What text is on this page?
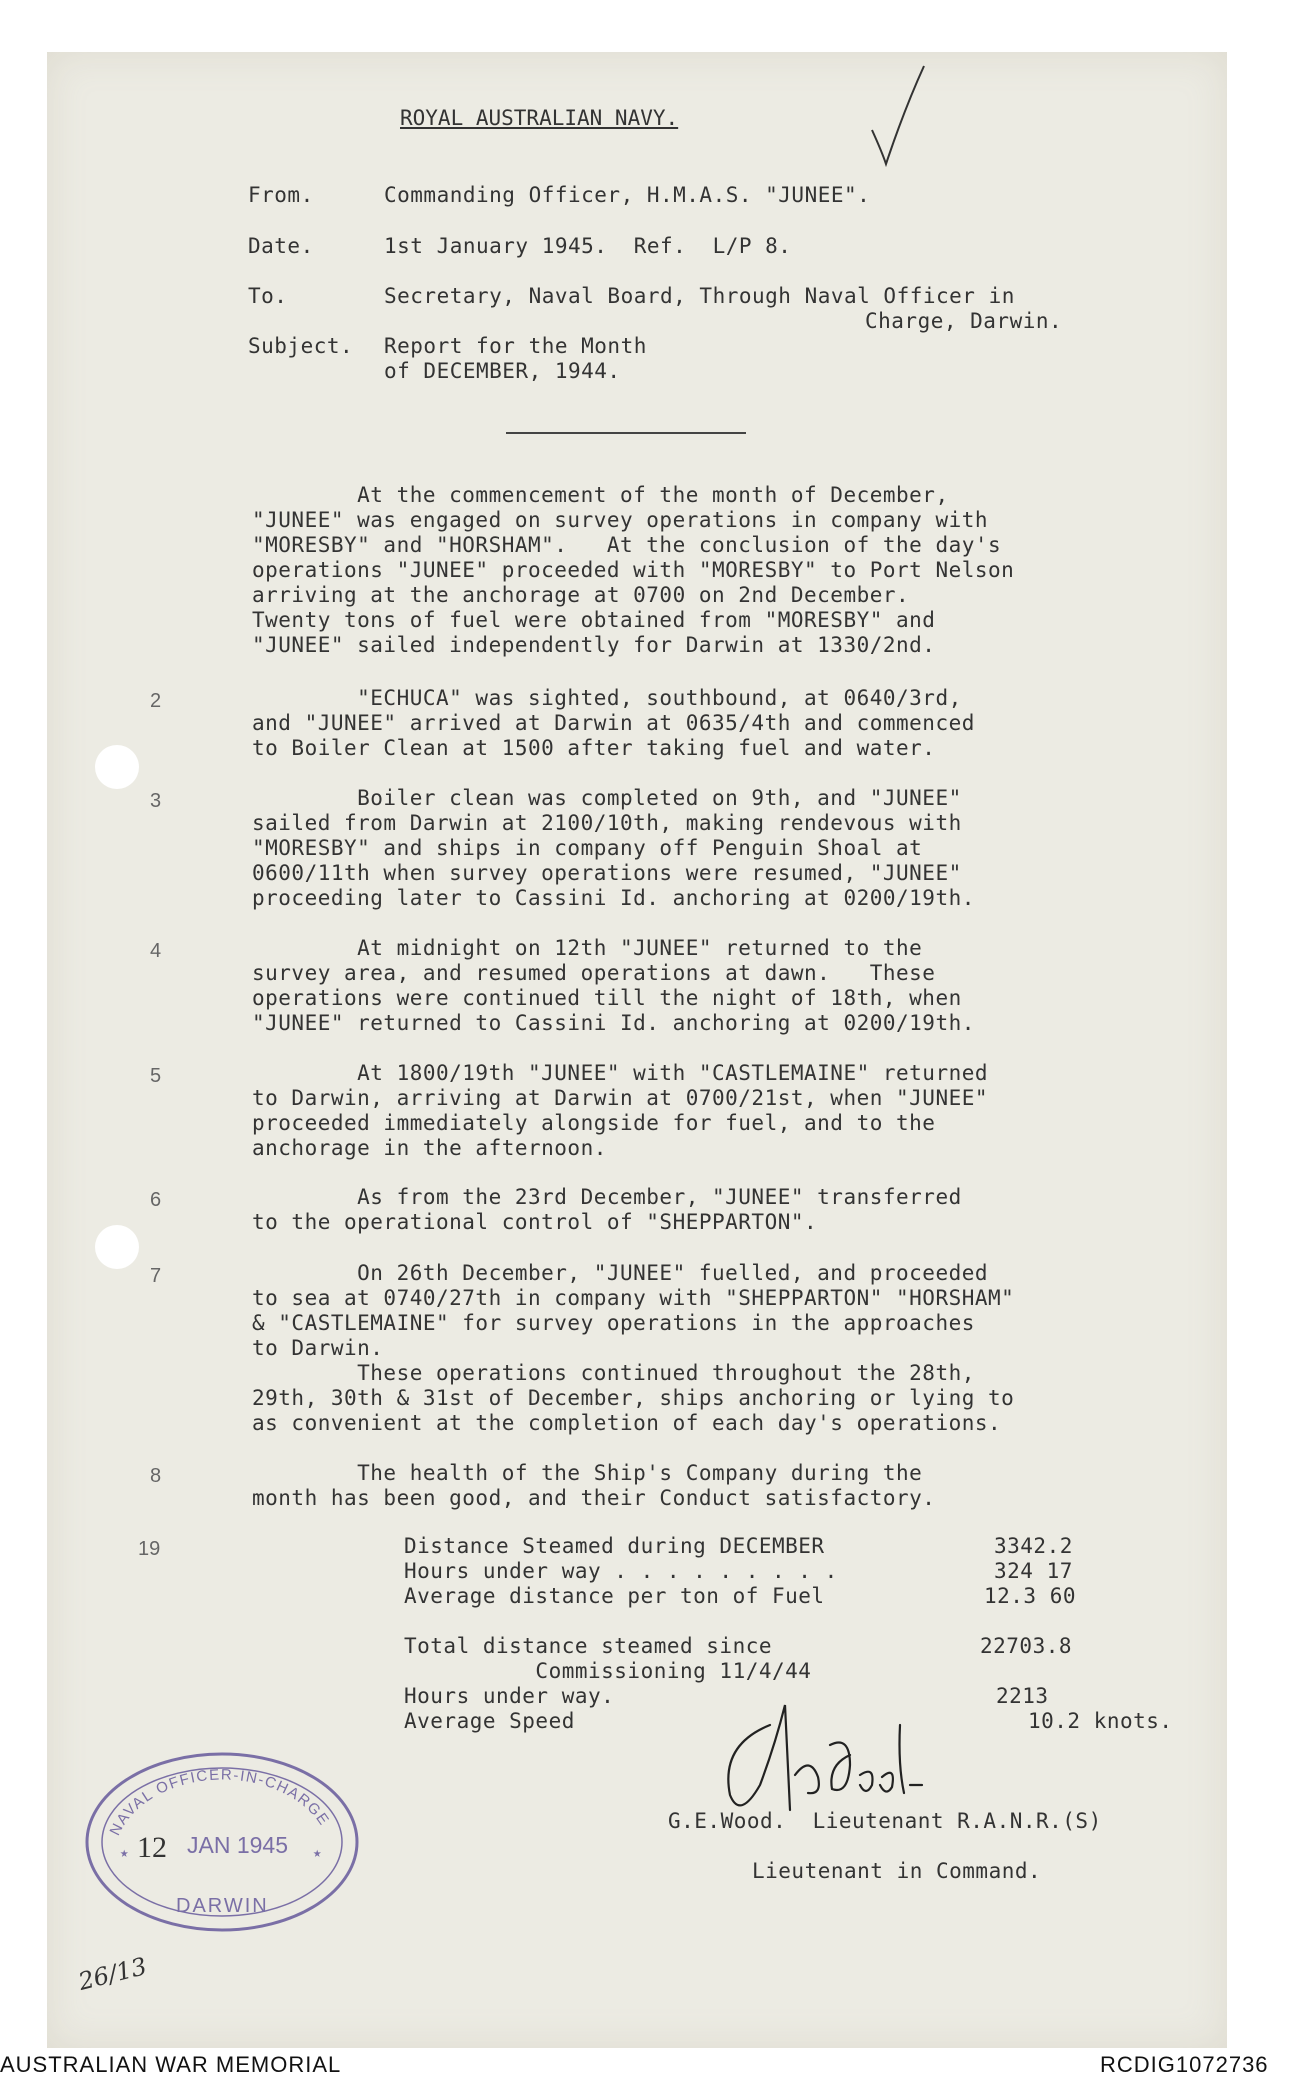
ROYAL AUSTRALIAN NAVY.
From.	Commanding Officer, H.M.A.S. "JUNEE".
Date.	1st January 1945.  Ref.  L/P 8.
To.	Secretary, Naval Board, Through Naval Officer in
Charge, Darwin.
Subject. Report for the Month
of DECEMBER, 1944.
At the commencement of the month of December,
"JUNEE" was engaged on survey operations in company with
"MORESBY" and "HORSHAM".   At the conclusion of the day's
operations "JUNEE" proceeded with "MORESBY" to Port Nelson
arriving at the anchorage at 0700 on 2nd December.
Twenty tons of fuel were obtained from "MORESBY" and
"JUNEE" sailed independently for Darwin at 1330/2nd.
2	"ECHUCA" was sighted, southbound, at 0640/3rd,
and "JUNEE" arrived at Darwin at 0635/4th and commenced
to Boiler Clean at 1500 after taking fuel and water.
3	Boiler clean was completed on 9th, and "JUNEE"
sailed from Darwin at 2100/10th, making rendevous with
"MORESBY" and ships in company off Penguin Shoal at
0600/11th when survey operations were resumed, "JUNEE"
proceeding later to Cassini Id. anchoring at 0200/19th.
4	At midnight on 12th "JUNEE" returned to the
survey area, and resumed operations at dawn.   These
operations were continued till the night of 18th, when
"JUNEE" returned to Cassini Id. anchoring at 0200/19th.
5	At 1800/19th "JUNEE" with "CASTLEMAINE" returned
to Darwin, arriving at Darwin at 0700/21st, when "JUNEE"
proceeded immediately alongside for fuel, and to the
anchorage in the afternoon.
6	As from the 23rd December, "JUNEE" transferred
to the operational control of "SHEPPARTON".
7	On 26th December, "JUNEE" fuelled, and proceeded
to sea at 0740/27th in company with "SHEPPARTON" "HORSHAM"
& "CASTLEMAINE" for survey operations in the approaches
to Darwin.
These operations continued throughout the 28th,
29th, 30th & 31st of December, ships anchoring or lying to
as convenient at the completion of each day's operations.
8	The health of the Ship's Company during the
month has been good, and their Conduct satisfactory.
19	Distance Steamed during DECEMBER	3342.2
Hours under way . . . . . . . . .	324 17
Average distance per ton of Fuel	12.3 60
Total distance steamed since	22703.8
Commissioning 11/4/44
Hours under way.	2213
Average Speed	10.2 knots.
G.E.Wood.  Lieutenant R.A.N.R.(S)
Lieutenant in Command.
NAVAL OFFICER-IN-CHARGE
12 JAN 1945
★	★
DARWIN
26/13
AUSTRALIAN WAR MEMORIAL	RCDIG1072736
